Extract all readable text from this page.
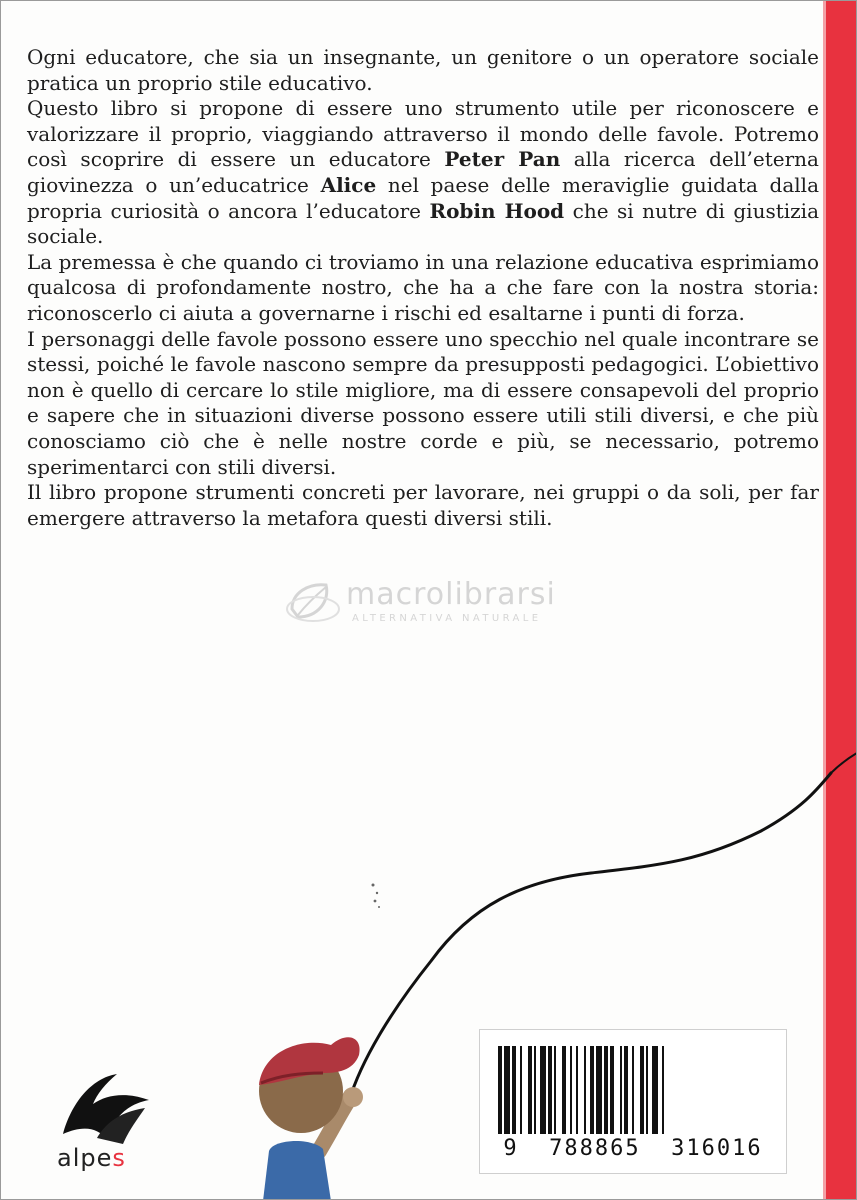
Ogni educatore, che sia un insegnante, un genitore o un operatore sociale pratica un proprio stile educativo.

Questo libro si propone di essere uno strumento utile per riconoscere e valorizzare il proprio, viaggiando attraverso il mondo delle favole. Potremo così scoprire di essere un educatore Peter Pan alla ricerca dell’eterna giovinezza o un’educatrice Alice nel paese delle meraviglie guidata dalla propria curiosità o ancora l’educatore Robin Hood che si nutre di giustizia sociale.

La premessa è che quando ci troviamo in una relazione educativa esprimiamo qualcosa di profondamente nostro, che ha a che fare con la nostra storia: riconoscerlo ci aiuta a governarne i rischi ed esaltarne i punti di forza.

I personaggi delle favole possono essere uno specchio nel quale incontrare se stessi, poiché le favole nascono sempre da presupposti pedagogici. L’obiettivo non è quello di cercare lo stile migliore, ma di essere consapevoli del proprio e sapere che in situazioni diverse possono essere utili stili diversi, e che più conosciamo ciò che è nelle nostre corde e più, se necessario, potremo sperimentarci con stili diversi.

Il libro propone strumenti concreti per lavorare, nei gruppi o da soli, per far emergere attraverso la metafora questi diversi stili.

macrolibrarsi
ALTERNATIVA NATURALE
9  788865  316016
alpes
